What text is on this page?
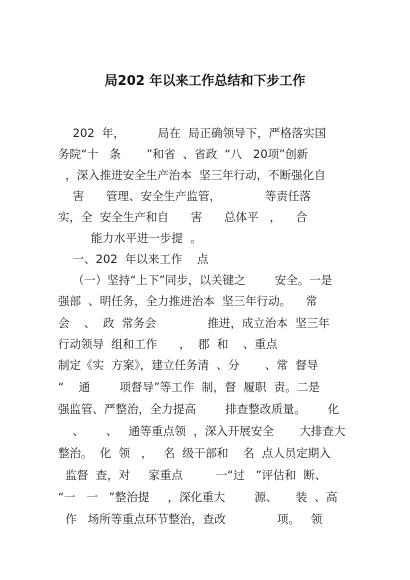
局202 年以来工作总结和下步工作
202  年，         局在  局正确领导下，严格落实国
务院“十   条       ”和省  、省政  “八   20项”创新
，深入推进安全生产治本  坚三年行动，不断强化自
害      管理、安全生产监管，            等责任落
实，全  安全生产和自      害      总体平   ，    合
能力水平进一步提  。
一、202  年以来工作    点
（一）坚持“上下”同步，以关键之        安全。一是
强部  、明任务，全力推进治本  坚三年行动。    常
会    、  政  常务会              推进，成立治本  坚三年
行动领导  组和工作      ，  郡  和    、重点
制定《实  方案》，建立任务清  、分       、常  督导
“    通        项督导”等工作  制，督  履职  责。二是
强监管、严整治，全力提高        排查整改质量。      化
、      、   通等重点领  ，深入开展安全       大排查大
整治。  化  领   ，   名  级干部和    名  点人员定期入
监督  查，对     家重点         一“过   ”评估和  断、
“一   一   ”整治提     ，深化重大        源、     装  、高
作   场所等重点环节整治，查改              项。   领
